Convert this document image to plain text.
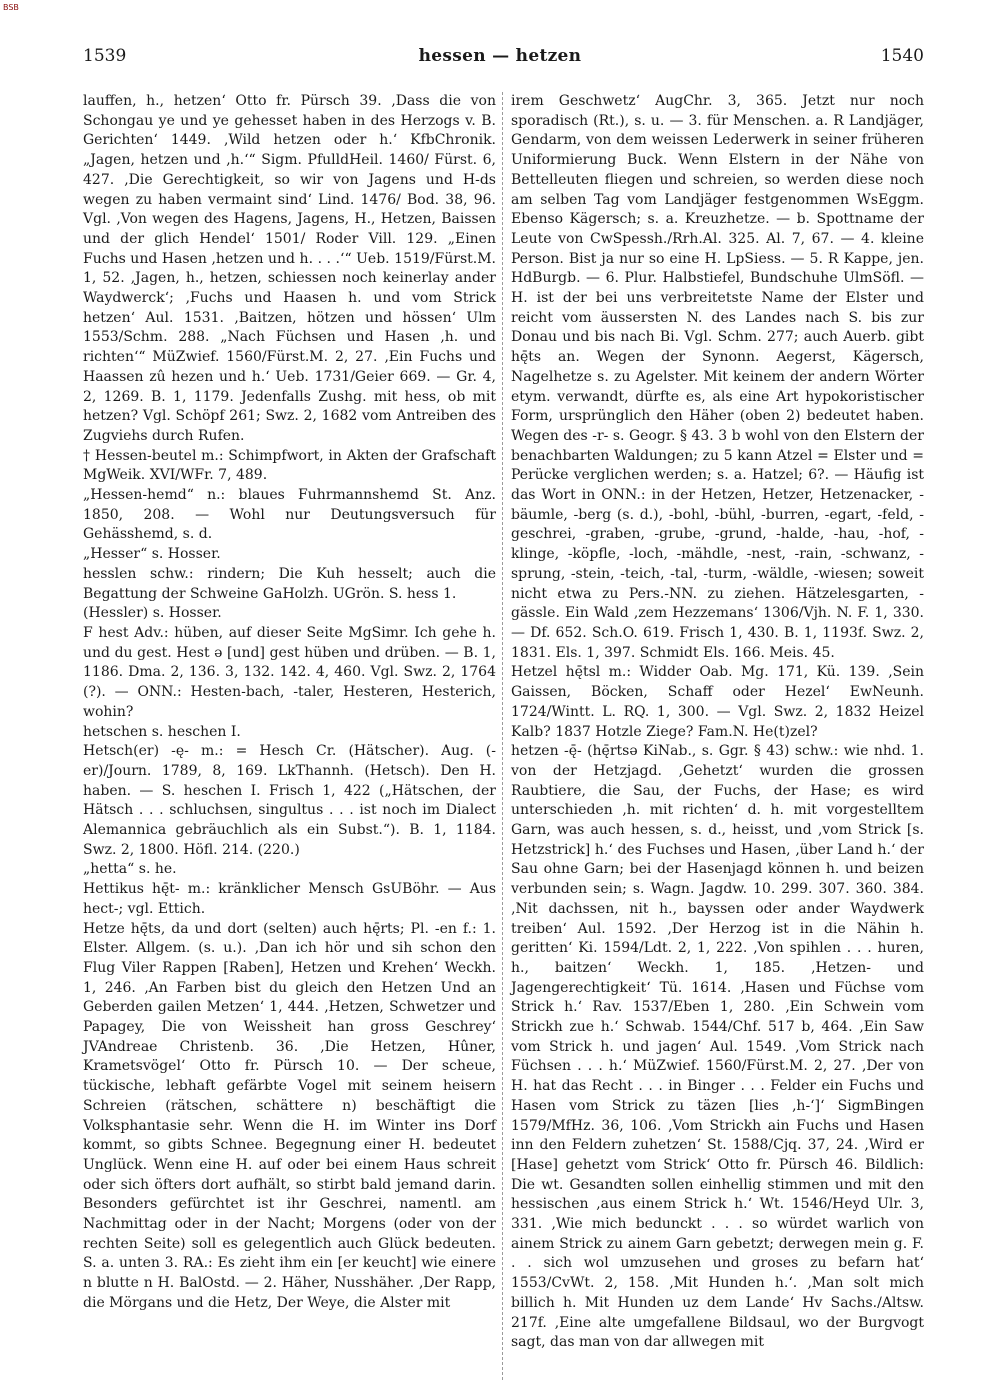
BSB
1539	hessen — hetzen	1540

lauffen, h., hetzen‘ Otto fr. Pürsch 39. ‚Dass die von Schongau ye und ye gehesset haben in des Herzogs v. B. Gerichten‘ 1449. ‚Wild hetzen oder h.‘ KfbChronik. „Jagen, hetzen und ‚h.‘“ Sigm. PfulldHeil. 1460/ Fürst. 6, 427. ‚Die Gerechtigkeit, so wir von Jagens und H-ds wegen zu haben vermaint sind‘ Lind. 1476/ Bod. 38, 96. Vgl. ‚Von wegen des Hagens, Jagens, H., Hetzen, Baissen und der glich Hendel‘ 1501/ Roder Vill. 129. „Einen Fuchs und Hasen ‚hetzen und h. . . .‘“ Ueb. 1519/Fürst.M. 1, 52. ‚Jagen, h., hetzen, schiessen noch keinerlay ander Waydwerck‘; ‚Fuchs und Haasen h. und vom Strick hetzen‘ Aul. 1531. ‚Baitzen, hötzen und hössen‘ Ulm 1553/Schm. 288. „Nach Füchsen und Hasen ‚h. und richten‘“ MüZwief. 1560/Fürst.M. 2, 27. ‚Ein Fuchs und Haassen zû hezen und h.‘ Ueb. 1731/Geier 669. — Gr. 4, 2, 1269. B. 1, 1179. Jedenfalls Zushg. mit hess, ob mit hetzen? Vgl. Schöpf 261; Swz. 2, 1682 vom Antreiben des Zugviehs durch Rufen.

† Hessen-beutel m.: Schimpfwort, in Akten der Grafschaft MgWeik. XVI/WFr. 7, 489.

„Hessen-hemd“ n.: blaues Fuhrmannshemd St. Anz. 1850, 208. — Wohl nur Deutungsversuch für Gehässhemd, s. d.

„Hesser“ s. Hosser.

hesslen schw.: rindern; Die Kuh hesselt; auch die Begattung der Schweine GaHolzh. UGrön. S. hess 1.

(Hessler) s. Hosser.

F hest Adv.: hüben, auf dieser Seite MgSimr. Ich gehe h. und du gest. Hest ə [und] gest hüben und drüben. — B. 1, 1186. Dma. 2, 136. 3, 132. 142. 4, 460. Vgl. Swz. 2, 1764 (?). — ONN.: Hesten-bach, -taler, Hesteren, Hesterich, wohin?

hetschen s. heschen I.

Hetsch(er) -ę- m.: = Hesch Cr. (Hätscher). Aug. (-er)/Journ. 1789, 8, 169. LkThannh. (Hetsch). Den H. haben. — S. heschen I. Frisch 1, 422 („Hätschen, der Hätsch . . . schluchsen, singultus . . . ist noch im Dialect Alemannica gebräuchlich als ein Subst.“). B. 1, 1184. Swz. 2, 1800. Höfl. 214. (220.)

„hetta“ s. he.

Hettikus hę̄t- m.: kränklicher Mensch GsUBöhr. — Aus hect-; vgl. Ettich.

Hetze hę̄ts, da und dort (selten) auch hę̄rts; Pl. -en f.: 1. Elster. Allgem. (s. u.). ‚Dan ich hör und sih schon den Flug Viler Rappen [Raben], Hetzen und Krehen‘ Weckh. 1, 246. ‚An Farben bist du gleich den Hetzen Und an Geberden gailen Metzen‘ 1, 444. ‚Hetzen, Schwetzer und Papagey, Die von Weissheit han gross Geschrey‘ JVAndreae Christenb. 36. ‚Die Hetzen, Hûner, Krametsvögel‘ Otto fr. Pürsch 10. — Der scheue, tückische, lebhaft gefärbte Vogel mit seinem heisern Schreien (rätschen, schättere n) beschäftigt die Volksphantasie sehr. Wenn die H. im Winter ins Dorf kommt, so gibts Schnee. Begegnung einer H. bedeutet Unglück. Wenn eine H. auf oder bei einem Haus schreit oder sich öfters dort aufhält, so stirbt bald jemand darin. Besonders gefürchtet ist ihr Geschrei, namentl. am Nachmittag oder in der Nacht; Morgens (oder von der rechten Seite) soll es gelegentlich auch Glück bedeuten. S. a. unten 3. RA.: Es zieht ihm ein [er keucht] wie einere n blutte n H. BalOstd. — 2. Häher, Nusshäher. ‚Der Rapp, die Mörgans und die Hetz, Der Weye, die Alster mit

irem Geschwetz‘ AugChr. 3, 365. Jetzt nur noch sporadisch (Rt.), s. u. — 3. für Menschen. a. R Landjäger, Gendarm, von dem weissen Lederwerk in seiner früheren Uniformierung Buck. Wenn Elstern in der Nähe von Bettelleuten fliegen und schreien, so werden diese noch am selben Tag vom Landjäger festgenommen WsEggm. Ebenso Kägersch; s. a. Kreuzhetze. — b. Spottname der Leute von CwSpessh./Rrh.Al. 325. Al. 7, 67. — 4. kleine Person. Bist ja nur so eine H. LpSiess. — 5. R Kappe, jen. HdBurgb. — 6. Plur. Halbstiefel, Bundschuhe UlmSöfl. — H. ist der bei uns verbreitetste Name der Elster und reicht vom äussersten N. des Landes nach S. bis zur Donau und bis nach Bi. Vgl. Schm. 277; auch Auerb. gibt hę̄ts an. Wegen der Synonn. Aegerst, Kägersch, Nagelhetze s. zu Agelster. Mit keinem der andern Wörter etym. verwandt, dürfte es, als eine Art hypokoristischer Form, ursprünglich den Häher (oben 2) bedeutet haben. Wegen des -r- s. Geogr. § 43. 3 b wohl von den Elstern der benachbarten Waldungen; zu 5 kann Atzel = Elster und = Perücke verglichen werden; s. a. Hatzel; 6?. — Häufig ist das Wort in ONN.: in der Hetzen, Hetzer, Hetzenacker, -bäumle, -berg (s. d.), -bohl, -bühl, -burren, -egart, -feld, -geschrei, -graben, -grube, -grund, -halde, -hau, -hof, -klinge, -köpfle, -loch, -mähdle, -nest, -rain, -schwanz, -sprung, -stein, -teich, -tal, -turm, -wäldle, -wiesen; soweit nicht etwa zu Pers.-NN. zu ziehen. Hätzelesgarten, -gässle. Ein Wald ‚zem Hezzemans‘ 1306/Vjh. N. F. 1, 330. — Df. 652. Sch.O. 619. Frisch 1, 430. B. 1, 1193f. Swz. 2, 1831. Els. 1, 397. Schmidt Els. 166. Meis. 45.

Hetzel hę̄tsl m.: Widder Oab. Mg. 171, Kü. 139. ‚Sein Gaissen, Böcken, Schaff oder Hezel‘ EwNeunh. 1724/Wintt. L. RQ. 1, 300. — Vgl. Swz. 2, 1832 Heizel Kalb? 1837 Hotzle Ziege? Fam.N. He(t)zel?

hetzen -ę̄- (hę̄rtsə KiNab., s. Ggr. § 43) schw.: wie nhd. 1. von der Hetzjagd. ‚Gehetzt‘ wurden die grossen Raubtiere, die Sau, der Fuchs, der Hase; es wird unterschieden ‚h. mit richten‘ d. h. mit vorgestelltem Garn, was auch hessen, s. d., heisst, und ‚vom Strick [s. Hetzstrick] h.‘ des Fuchses und Hasen, ‚über Land h.‘ der Sau ohne Garn; bei der Hasenjagd können h. und beizen verbunden sein; s. Wagn. Jagdw. 10. 299. 307. 360. 384. ‚Nit dachssen, nit h., bayssen oder ander Waydwerk treiben‘ Aul. 1592. ‚Der Herzog ist in die Nähin h. geritten‘ Ki. 1594/Ldt. 2, 1, 222. ‚Von spihlen . . . huren, h., baitzen‘ Weckh. 1, 185. ‚Hetzen- und Jagengerechtigkeit‘ Tü. 1614. ‚Hasen und Füchse vom Strick h.‘ Rav. 1537/Eben 1, 280. ‚Ein Schwein vom Strickh zue h.‘ Schwab. 1544/Chf. 517 b, 464. ‚Ein Saw vom Strick h. und jagen‘ Aul. 1549. ‚Vom Strick nach Füchsen . . . h.‘ MüZwief. 1560/Fürst.M. 2, 27. ‚Der von H. hat das Recht . . . in Binger . . . Felder ein Fuchs und Hasen vom Strick zu täzen [lies ‚h-‘]‘ SigmBingen 1579/MfHz. 36, 106. ‚Vom Strickh ain Fuchs und Hasen inn den Feldern zuhetzen‘ St. 1588/Cjq. 37, 24. ‚Wird er [Hase] gehetzt vom Strick‘ Otto fr. Pürsch 46. Bildlich: Die wt. Gesandten sollen einhellig stimmen und mit den hessischen ‚aus einem Strick h.‘ Wt. 1546/Heyd Ulr. 3, 331. ‚Wie mich bedunckt . . . so würdet warlich von ainem Strick zu ainem Garn gebetzt; derwegen mein g. F. . . sich wol umzusehen und groses zu befarn hat‘ 1553/CvWt. 2, 158. ‚Mit Hunden h.‘. ‚Man solt mich billich h. Mit Hunden uz dem Lande‘ Hv Sachs./Altsw. 217f. ‚Eine alte umgefallene Bildsaul, wo der Burgvogt sagt, das man von dar allwegen mit
